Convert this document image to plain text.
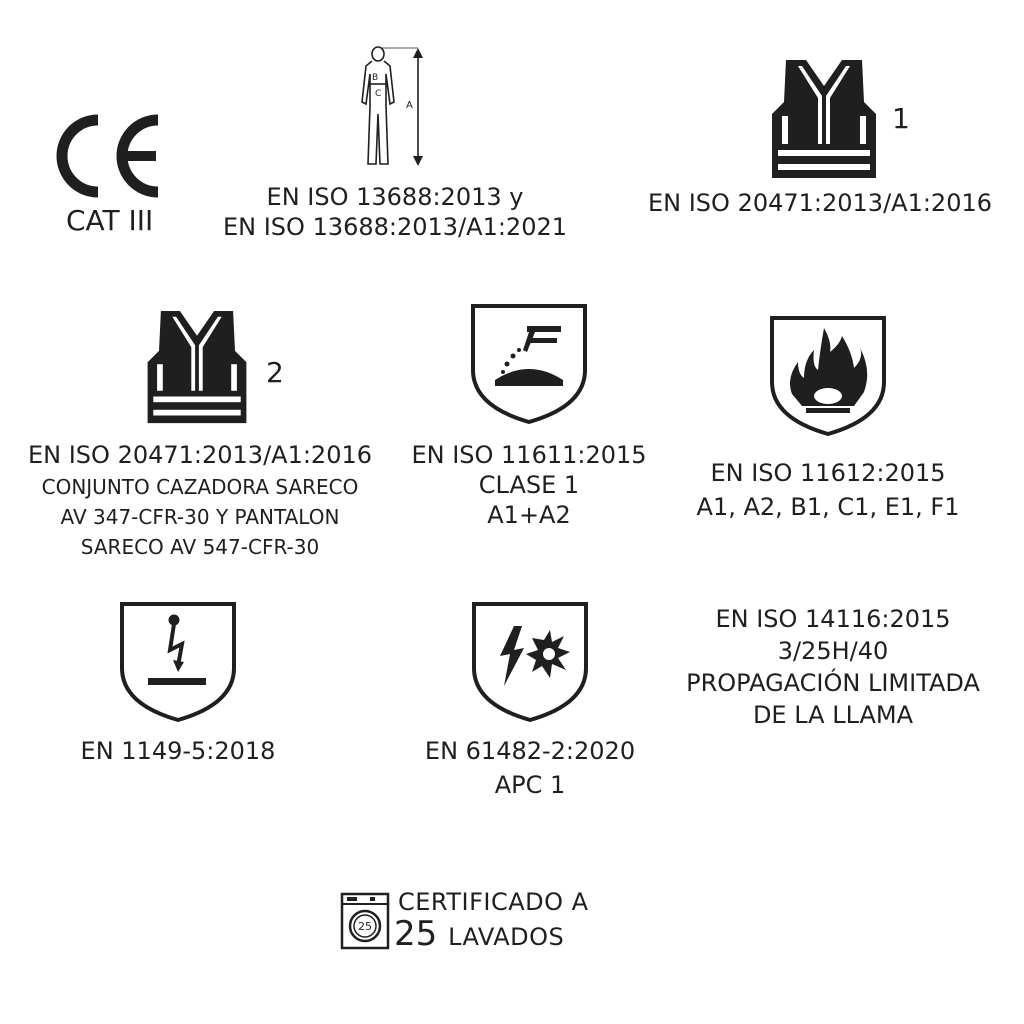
CAT III
B
C
A
EN ISO 13688:2013 y
EN ISO 13688:2013/A1:2021
1
EN ISO 20471:2013/A1:2016
2
EN ISO 20471:2013/A1:2016
CONJUNTO CAZADORA SARECO
AV 347-CFR-30 Y PANTALON
SARECO AV 547-CFR-30
EN ISO 11611:2015
CLASE 1
A1+A2
EN ISO 11612:2015
A1, A2, B1, C1, E1, F1
EN 1149-5:2018	EN 61482-2:2020
APC 1
EN ISO 14116:2015
3/25H/40
PROPAGACIÓN LIMITADA
DE LA LLAMA
25
CERTIFICADO A
25 LAVADOS
